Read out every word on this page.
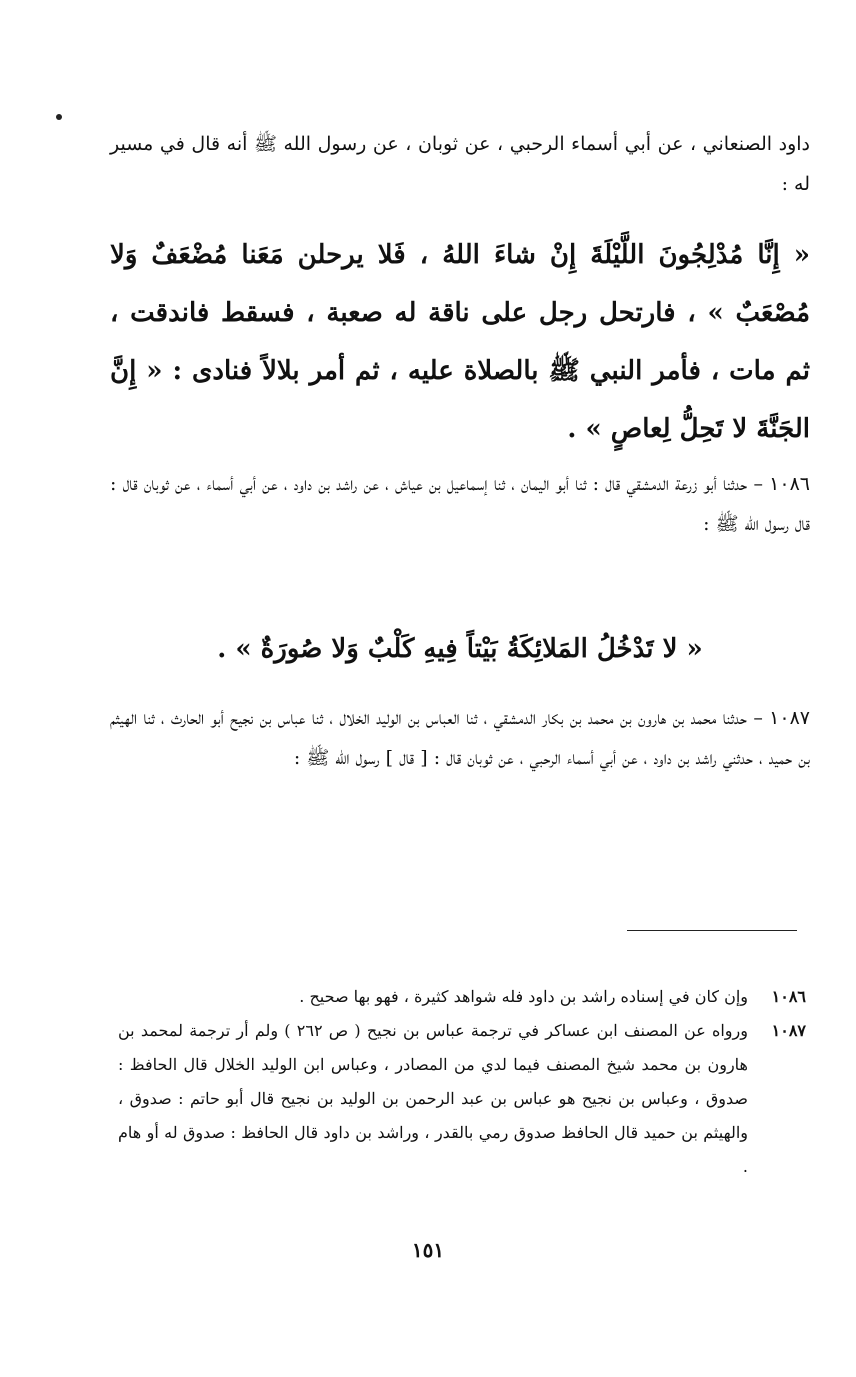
داود الصنعاني ، عن أبي أسماء الرحبي ، عن ثوبان ، عن رسول الله ﷺ أنه قال في مسير له :
« إِنَّا مُدْلِجُونَ اللَّيْلَةَ إِنْ شاءَ اللهُ ، فَلا يرحلن مَعَنا مُضْعَفٌ وَلا مُصْعَبٌ » ، فارتحل رجل على ناقة له صعبة ، فسقط فاندقت ، ثم مات ، فأمر النبي ﷺ بالصلاة عليه ، ثم أمر بلالاً فنادى : « إِنَّ الجَنَّةَ لا تَحِلُّ لِعاصٍ » .
١٠٨٦ – حدثنا أبو زرعة الدمشقي قال : ثنا أبو اليمان ، ثنا إسماعيل بن عياش ، عن راشد بن داود ، عن أبي أسماء ، عن ثوبان قال : قال رسول الله ﷺ :
« لا تَدْخُلُ المَلائِكَةُ بَيْتاً فِيهِ كَلْبٌ وَلا صُورَةٌ » .
١٠٨٧ – حدثنا محمد بن هارون بن محمد بن بكار الدمشقي ، ثنا العباس بن الوليد الخلال ، ثنا عباس بن نجيح أبو الحارث ، ثنا الهيثم بن حميد ، حدثني راشد بن داود ، عن أبي أسماء الرحبي ، عن ثوبان قال : [ قال ] رسول الله ﷺ :
١٠٨٦
وإن كان في إسناده راشد بن داود فله شواهد كثيرة ، فهو بها صحيح .
١٠٨٧
ورواه عن المصنف ابن عساكر في ترجمة عباس بن نجيح ( ص ٢٦٢ ) ولم أر ترجمة لمحمد بن هارون بن محمد شيخ المصنف فيما لدي من المصادر ، وعباس ابن الوليد الخلال قال الحافظ : صدوق ، وعباس بن نجيح هو عباس بن عبد الرحمن بن الوليد بن نجيح قال أبو حاتم : صدوق ، والهيثم بن حميد قال الحافظ صدوق رمي بالقدر ، وراشد بن داود قال الحافظ : صدوق له أو هام .
١٥١
